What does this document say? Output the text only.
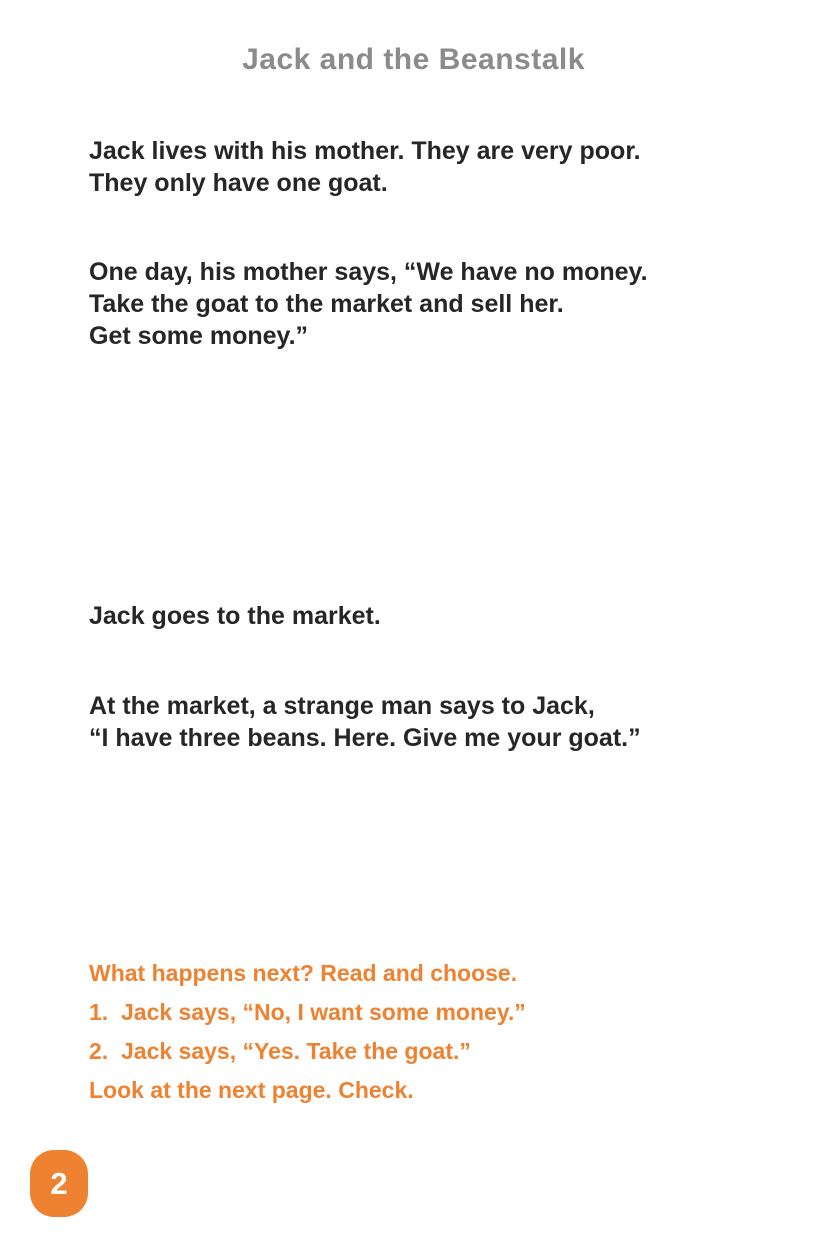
Jack and the Beanstalk
Jack lives with his mother. They are very poor.
They only have one goat.
One day, his mother says, “We have no money.
Take the goat to the market and sell her.
Get some money.”
Jack goes to the market.
At the market, a strange man says to Jack,
“I have three beans. Here. Give me your goat.”
What happens next? Read and choose.
1. Jack says, “No, I want some money.”
2. Jack says, “Yes. Take the goat.”
Look at the next page. Check.
2
